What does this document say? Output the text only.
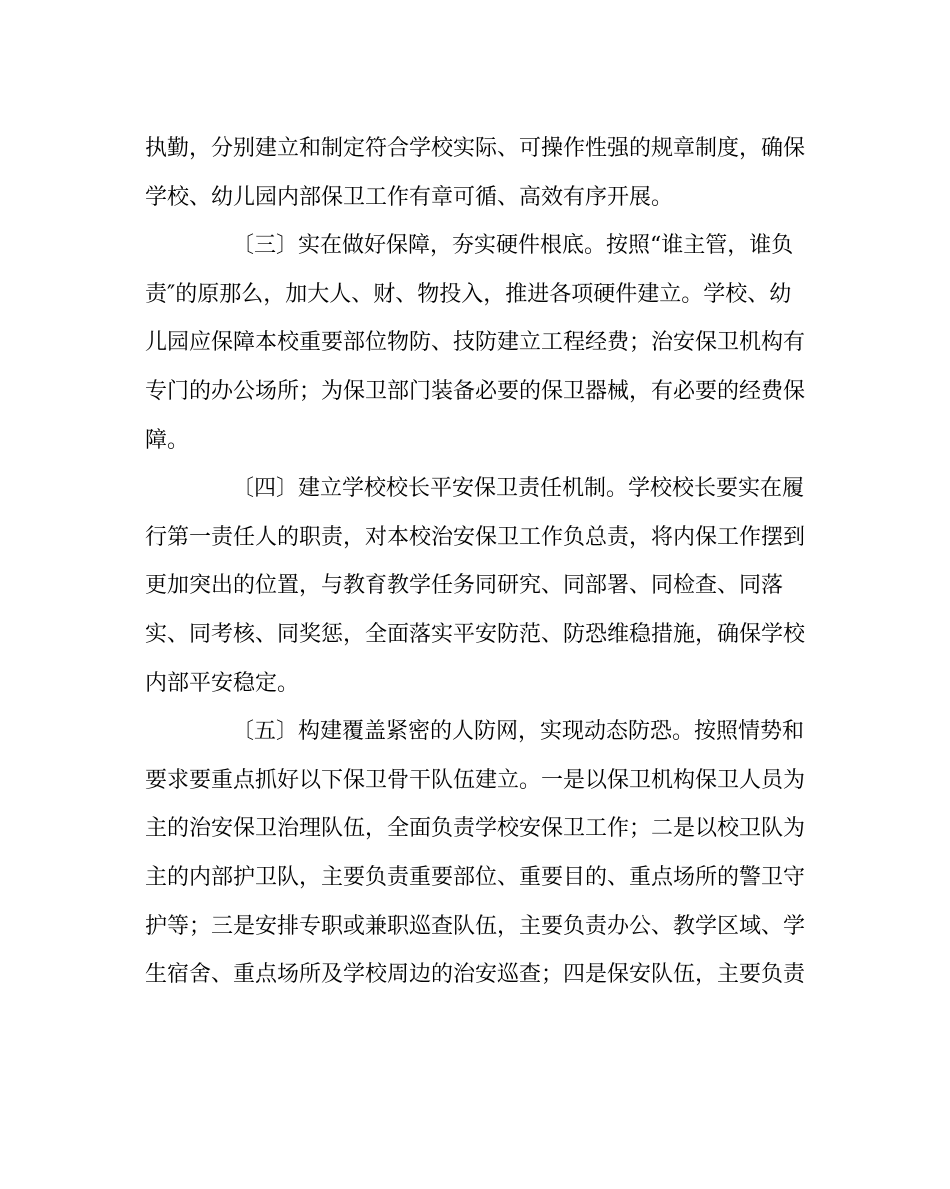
执勤，分别建立和制定符合学校实际、可操作性强的规章制度，确保
学校、幼儿园内部保卫工作有章可循、高效有序开展。
〔三〕实在做好保障，夯实硬件根底。按照“谁主管，谁负
责″的原那么，加大人、财、物投入，推进各项硬件建立。学校、幼
儿园应保障本校重要部位物防、技防建立工程经费；治安保卫机构有
专门的办公场所；为保卫部门装备必要的保卫器械，有必要的经费保
障。
〔四〕建立学校校长平安保卫责任机制。学校校长要实在履
行第一责任人的职责，对本校治安保卫工作负总责，将内保工作摆到
更加突出的位置，与教育教学任务同研究、同部署、同检查、同落
实、同考核、同奖惩，全面落实平安防范、防恐维稳措施，确保学校
内部平安稳定。
〔五〕构建覆盖紧密的人防网，实现动态防恐。按照情势和
要求要重点抓好以下保卫骨干队伍建立。一是以保卫机构保卫人员为
主的治安保卫治理队伍，全面负责学校安保卫工作；二是以校卫队为
主的内部护卫队，主要负责重要部位、重要目的、重点场所的警卫守
护等；三是安排专职或兼职巡查队伍，主要负责办公、教学区域、学
生宿舍、重点场所及学校周边的治安巡查；四是保安队伍，主要负责
